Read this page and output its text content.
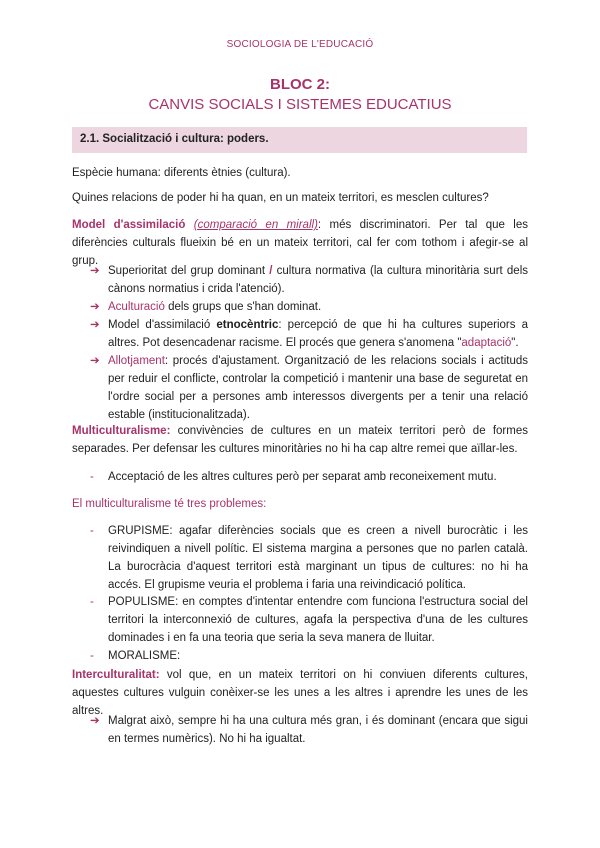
SOCIOLOGIA DE L'EDUCACIÓ
BLOC 2:
CANVIS SOCIALS I SISTEMES EDUCATIUS
2.1. Socialització i cultura: poders.
Espècie humana: diferents ètnies (cultura).
Quines relacions de poder hi ha quan, en un mateix territori, es mesclen cultures?
Model d'assimilació (comparació en mirall): més discriminatori. Per tal que les diferències culturals flueixin bé en un mateix territori, cal fer com tothom i afegir-se al grup.
➔ Superioritat del grup dominant / cultura normativa (la cultura minoritària surt dels cànons normatius i crida l'atenció).
➔ Aculturació dels grups que s'han dominat.
➔ Model d'assimilació etnocèntric: percepció de que hi ha cultures superiors a altres. Pot desencadenar racisme. El procés que genera s'anomena "adaptació".
➔ Allotjament: procés d'ajustament. Organització de les relacions socials i actituds per reduir el conflicte, controlar la competició i mantenir una base de seguretat en l'ordre social per a persones amb interessos divergents per a tenir una relació estable (institucionalitzada).
Multiculturalisme: convivències de cultures en un mateix territori però de formes separades. Per defensar les cultures minoritàries no hi ha cap altre remei que aïllar-les.
- Acceptació de les altres cultures però per separat amb reconeixement mutu.
El multiculturalisme té tres problemes:
- GRUPISME: agafar diferències socials que es creen a nivell burocràtic i les reivindiquen a nivell polític. El sistema margina a persones que no parlen català. La burocràcia d'aquest territori està marginant un tipus de cultures: no hi ha accés. El grupisme veuria el problema i faria una reivindicació política.
- POPULISME: en comptes d'intentar entendre com funciona l'estructura social del territori la interconnexió de cultures, agafa la perspectiva d'una de les cultures dominades i en fa una teoria que seria la seva manera de lluitar.
- MORALISME:
Interculturalitat: vol que, en un mateix territori on hi conviuen diferents cultures, aquestes cultures vulguin conèixer-se les unes a les altres i aprendre les unes de les altres.
➔ Malgrat això, sempre hi ha una cultura més gran, i és dominant (encara que sigui en termes numèrics). No hi ha igualtat.
